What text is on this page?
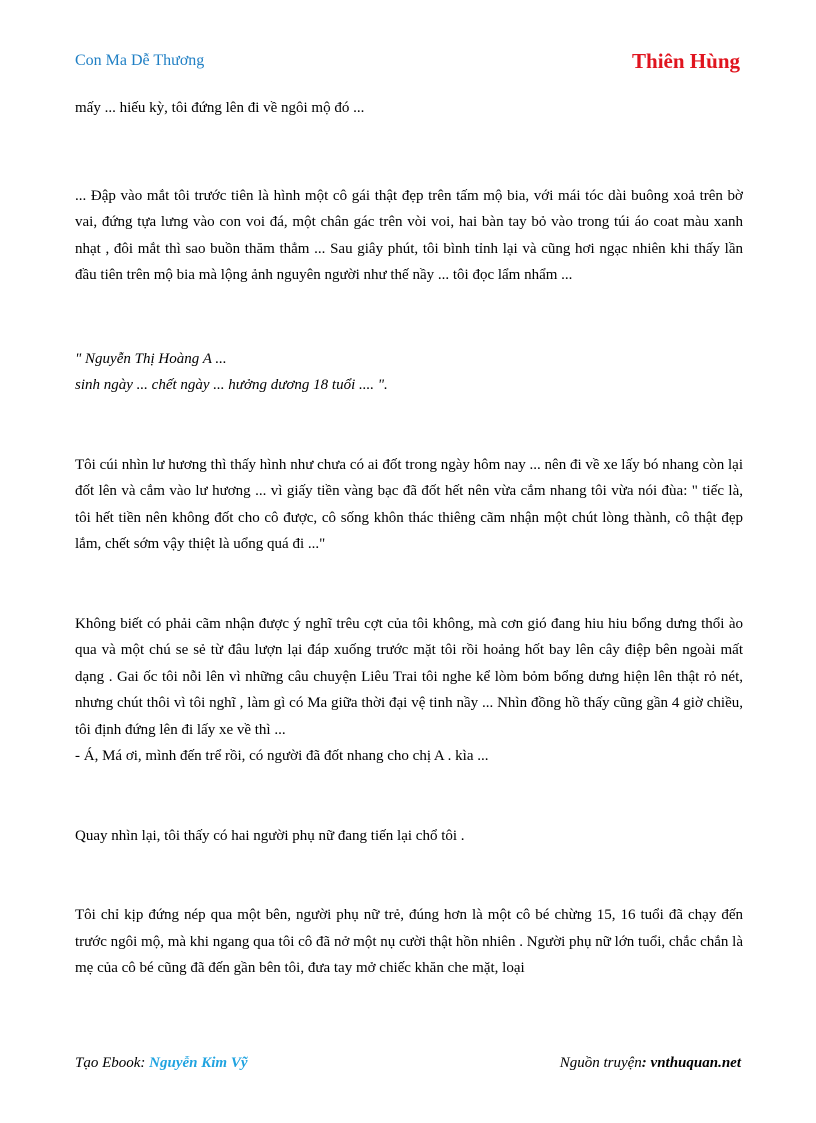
Con Ma Dễ Thương	Thiên Hùng

mấy ... hiếu kỳ, tôi đứng lên đi về ngôi mộ đó ...

... Đập vào mắt tôi trước tiên là hình một cô gái thật đẹp trên tấm mộ bia, với mái tóc dài buông xoả trên bờ vai, đứng tựa lưng vào con voi đá, một chân gác trên vòi voi, hai bàn tay bỏ vào trong túi áo coat màu xanh nhạt , đôi mắt thì sao buồn thăm thẳm ... Sau giây phút, tôi bình tỉnh lại và cũng hơi ngạc nhiên khi thấy lần đầu tiên trên mộ bia mà lộng ảnh nguyên người như thế nầy ... tôi đọc lẩm nhẩm ...

" Nguyễn Thị Hoàng A ...

sinh ngày ... chết ngày ... hưởng dương 18 tuổi .... ".

Tôi cúi nhìn lư hương thì thấy hình như chưa có ai đốt trong ngày hôm nay ... nên đi về xe lấy bó nhang còn lại đốt lên và cắm vào lư hương ... vì giấy tiền vàng bạc đã đốt hết nên vừa cắm nhang tôi vừa nói đùa: " tiếc là, tôi hết tiền nên không đốt cho cô được, cô sống khôn thác thiêng cãm nhận một chút lòng thành, cô thật đẹp lắm, chết sớm vậy thiệt là uổng quá đi ..."

Không biết có phải cãm nhận được ý nghĩ trêu cợt của tôi không, mà cơn gió đang hiu hiu bổng dưng thổi ào qua và một chú se sẻ từ đâu lượn lại đáp xuống trước mặt tôi rồi hoảng hốt bay lên cây điệp bên ngoài mất dạng . Gai ốc tôi nỗi lên vì những câu chuyện Liêu Trai tôi nghe kể lòm bỏm bổng dưng hiện lên thật rỏ nét, nhưng chút thôi vì tôi nghĩ , làm gì có Ma giữa thời đại vệ tinh nầy ... Nhìn đồng hồ thấy cũng gần 4 giờ chiều, tôi định đứng lên đi lấy xe về thì ...

- Á, Má ơi, mình đến trể rồi, có người đã đốt nhang cho chị A . kìa ...

Quay nhìn lại, tôi thấy có hai người phụ nữ đang tiến lại chổ tôi .

Tôi chỉ kịp đứng nép qua một bên, người phụ nữ trẻ, đúng hơn là một cô bé chừng 15, 16 tuổi đã chạy đến trước ngôi mộ, mà khi ngang qua tôi cô đã nở một nụ cười thật hồn nhiên . Người phụ nữ lớn tuổi, chắc chắn là mẹ của cô bé cũng đã đến gần bên tôi, đưa tay mở chiếc khăn che mặt, loại

Tạo Ebook: Nguyễn Kim Vỹ	Nguồn truyện: vnthuquan.net
